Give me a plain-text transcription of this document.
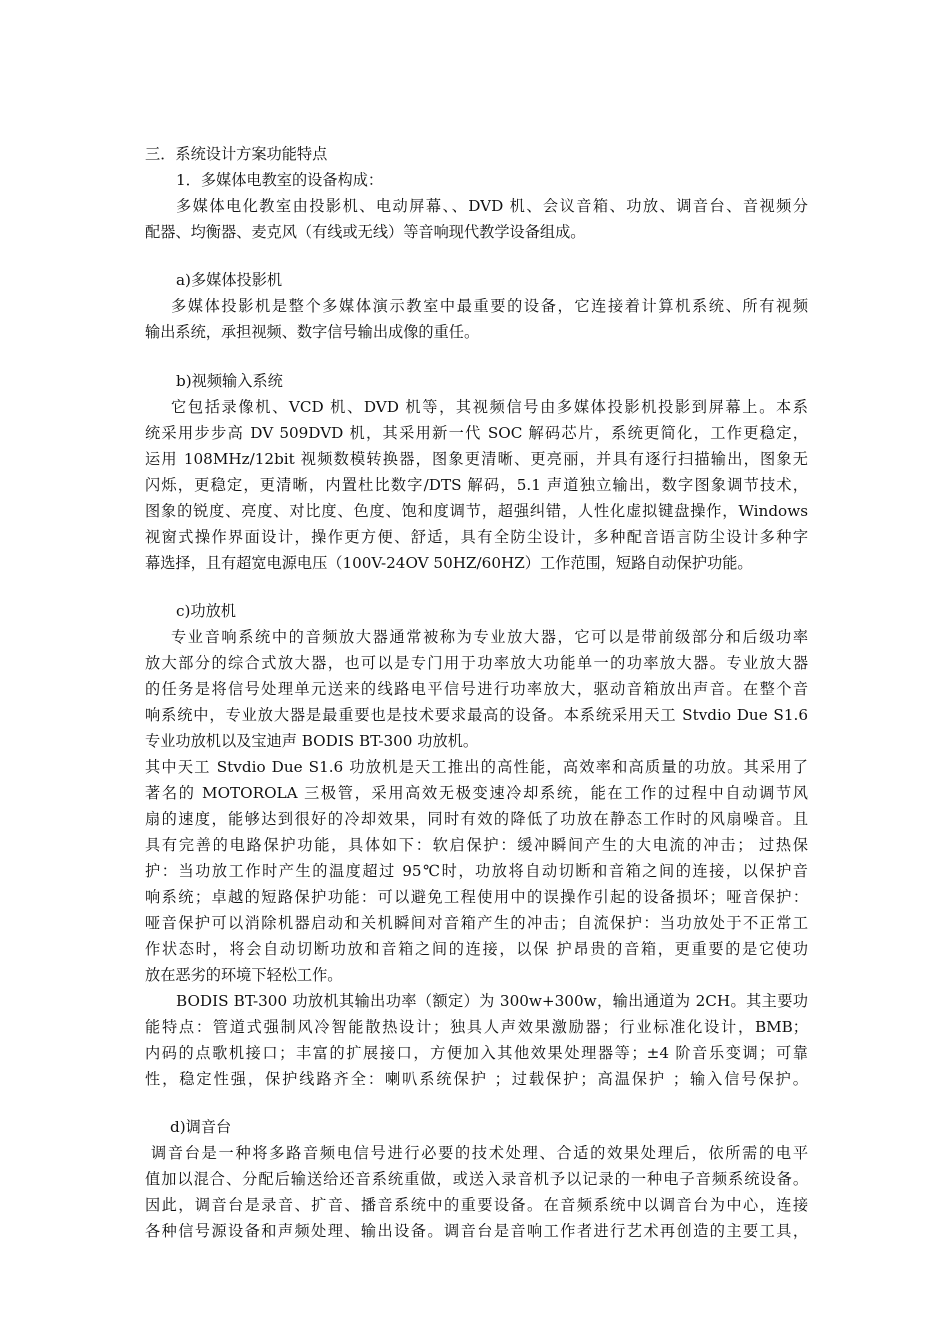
三．系统设计方案功能特点
1．多媒体电教室的设备构成：
多媒体电化教室由投影机、电动屏幕、、DVD 机、会议音箱、功放、调音台、音视频分
配器、均衡器、麦克风（有线或无线）等音响现代教学设备组成。
a)多媒体投影机
多媒体投影机是整个多媒体演示教室中最重要的设备，它连接着计算机系统、所有视频
输出系统，承担视频、数字信号输出成像的重任。
b)视频输入系统
它包括录像机、VCD 机、DVD 机等，其视频信号由多媒体投影机投影到屏幕上。本系
统采用步步高 DV 509DVD 机，其采用新一代 SOC 解码芯片，系统更简化，工作更稳定，
运用 108MHz/12bit 视频数模转换器，图象更清晰、更亮丽，并具有逐行扫描输出，图象无
闪烁，更稳定，更清晰，内置杜比数字/DTS 解码，5.1 声道独立输出，数字图象调节技术，
图象的锐度、亮度、对比度、色度、饱和度调节，超强纠错，人性化虚拟键盘操作，Windows
视窗式操作界面设计，操作更方便、舒适，具有全防尘设计，多种配音语言防尘设计多种字
幕选择，且有超宽电源电压（100V-24OV 50HZ/60HZ）工作范围，短路自动保护功能。
c)功放机
专业音响系统中的音频放大器通常被称为专业放大器，它可以是带前级部分和后级功率
放大部分的综合式放大器，也可以是专门用于功率放大功能单一的功率放大器。专业放大器
的任务是将信号处理单元送来的线路电平信号进行功率放大，驱动音箱放出声音。在整个音
响系统中，专业放大器是最重要也是技术要求最高的设备。本系统采用天工 Stvdio Due S1.6
专业功放机以及宝迪声 BODIS BT-300 功放机。
其中天工 Stvdio Due S1.6 功放机是天工推出的高性能，高效率和高质量的功放。其采用了
著名的 MOTOROLA 三极管，采用高效无极变速冷却系统，能在工作的过程中自动调节风
扇的速度，能够达到很好的冷却效果，同时有效的降低了功放在静态工作时的风扇噪音。且
具有完善的电路保护功能，具体如下：软启保护：缓冲瞬间产生的大电流的冲击； 过热保
护：当功放工作时产生的温度超过 95℃时，功放将自动切断和音箱之间的连接，以保护音
响系统；卓越的短路保护功能：可以避免工程使用中的误操作引起的设备损坏；哑音保护：
哑音保护可以消除机器启动和关机瞬间对音箱产生的冲击；自流保护：当功放处于不正常工
作状态时，将会自动切断功放和音箱之间的连接，以保 护昂贵的音箱，更重要的是它使功
放在恶劣的环境下轻松工作。
BODIS BT-300 功放机其输出功率（额定）为 300w+300w，输出通道为 2CH。其主要功
能特点：管道式强制风冷智能散热设计；独具人声效果激励器；行业标准化设计，BMB；
内码的点歌机接口；丰富的扩展接口，方便加入其他效果处理器等；±4 阶音乐变调；可靠
性，稳定性强，保护线路齐全：喇叭系统保护 ；过载保护；高温保护 ；输入信号保护。
d)调音台
调音台是一种将多路音频电信号进行必要的技术处理、合适的效果处理后，依所需的电平
值加以混合、分配后输送给还音系统重做，或送入录音机予以记录的一种电子音频系统设备。
因此，调音台是录音、扩音、播音系统中的重要设备。在音频系统中以调音台为中心，连接
各种信号源设备和声频处理、输出设备。调音台是音响工作者进行艺术再创造的主要工具，
